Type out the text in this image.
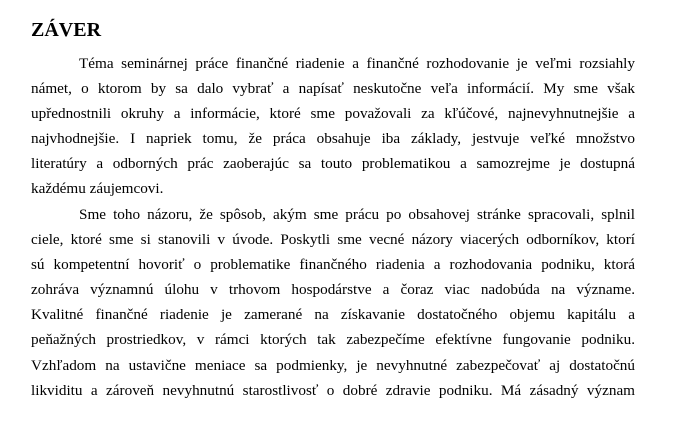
ZÁVER
Téma seminárnej práce finančné riadenie a finančné rozhodovanie je veľmi rozsiahly
námet, o ktorom by sa dalo vybrať a napísať neskutočne veľa informácií. My sme však
upřednostnili okruhy a informácie, ktoré sme považovali za kľúčové, najnevyhnutnejšie a
najvhodnejšie. I napriek tomu, že práca obsahuje iba základy, jestvuje veľké množstvo
literatúry a odborných prác zaoberajúc sa touto problematikou a samozrejme je dostupná
každému záujemcovi.
Sme toho názoru, že spôsob, akým sme prácu po obsahovej stránke spracovali, splnil
ciele, ktoré sme si stanovili v úvode. Poskytli sme vecné názory viacerých odborníkov, ktorí
sú kompetentní hovoriť o problematike finančného riadenia a rozhodovania podniku, ktorá
zohráva významnú úlohu v trhovom hospodárstve a čoraz viac nadobúda na význame.
Kvalitné finančné riadenie je zamerané na získavanie dostatočného objemu kapitálu a
peňažných prostriedkov, v rámci ktorých tak zabezpečíme efektívne fungovanie podniku.
Vzhľadom na ustavične meniace sa podmienky, je nevyhnutné zabezpečovať aj dostatočnú
likviditu a zároveň nevyhnutnú starostlivosť o dobré zdravie podniku. Má zásadný význam
